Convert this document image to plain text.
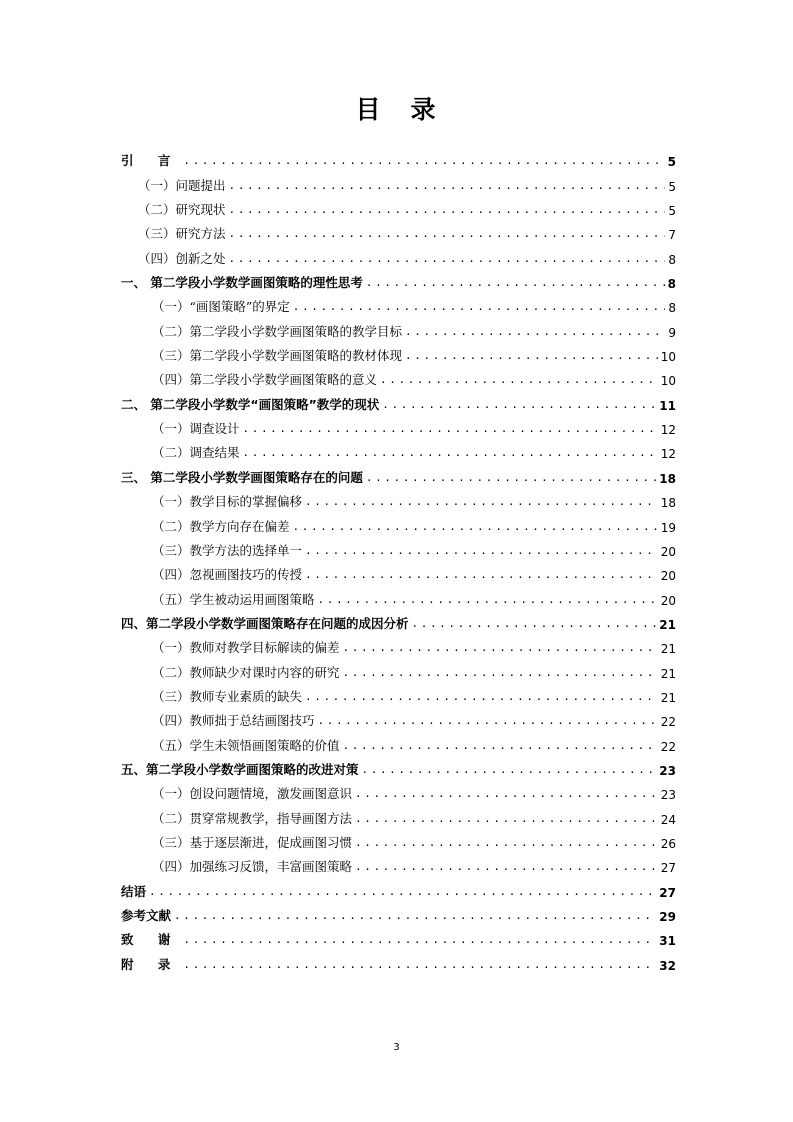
目 录
引 言 .....	5
（一）问题提出 .....	5
（二）研究现状 .....	5
（三）研究方法 .....	7
（四）创新之处 .....	8
一、 第二学段小学数学画图策略的理性思考 .....	8
（一）“画图策略”的界定 .....	8
（二）第二学段小学数学画图策略的教学目标 .....	9
（三）第二学段小学数学画图策略的教材体现 .....	10
（四）第二学段小学数学画图策略的意义 .....	10
二、 第二学段小学数学“画图策略”教学的现状 .....	11
（一）调查设计 .....	12
（二）调查结果 .....	12
三、 第二学段小学数学画图策略存在的问题 .....	18
（一）教学目标的掌握偏移 .....	18
（二）教学方向存在偏差 .....	19
（三）教学方法的选择单一 .....	20
（四）忽视画图技巧的传授 .....	20
（五）学生被动运用画图策略 .....	20
四、第二学段小学数学画图策略存在问题的成因分析 .....	21
（一）教师对教学目标解读的偏差 .....	21
（二）教师缺少对课时内容的研究 .....	21
（三）教师专业素质的缺失 .....	21
（四）教师拙于总结画图技巧 .....	22
（五）学生未领悟画图策略的价值 .....	22
五、第二学段小学数学画图策略的改进对策 .....	23
（一）创设问题情境，激发画图意识 .....	23
（二）贯穿常规教学，指导画图方法 .....	24
（三）基于逐层渐进，促成画图习惯 .....	26
（四）加强练习反馈，丰富画图策略 .....	27
结语 .....	27
参考文献 .....	29
致 谢 .....	31
附 录 .....	32
3
